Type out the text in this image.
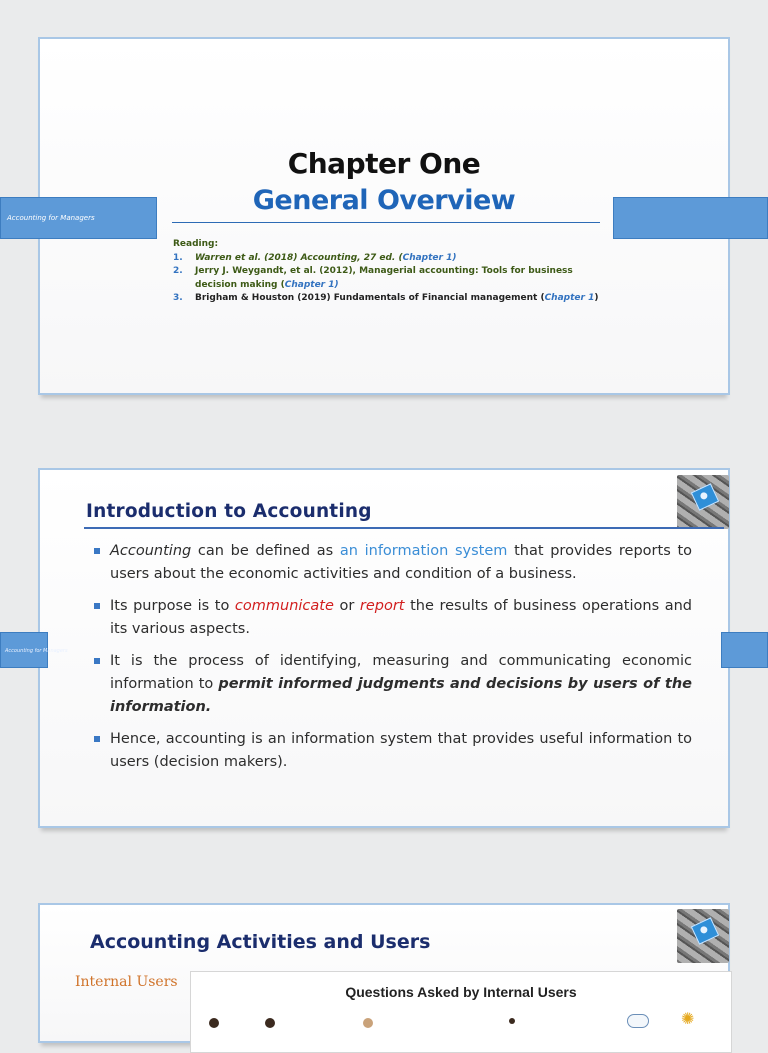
Chapter One
General Overview
Reading:
1. Warren et al. (2018) Accounting, 27 ed. (Chapter 1)
2. Jerry J. Weygandt, et al. (2012), Managerial accounting: Tools for business decision making (Chapter 1)
3. Brigham & Houston (2019) Fundamentals of Financial management (Chapter 1)
Introduction to Accounting
Accounting can be defined as an information system that provides reports to users about the economic activities and condition of a business.
Its purpose is to communicate or report the results of business operations and its various aspects.
It is the process of identifying, measuring and communicating economic information to permit informed judgments and decisions by users of the information.
Hence, accounting is an information system that provides useful information to users (decision makers).
Accounting Activities and Users
Internal Users
Questions Asked by Internal Users
✺
Accounting for Managers
Accounting for Managers
